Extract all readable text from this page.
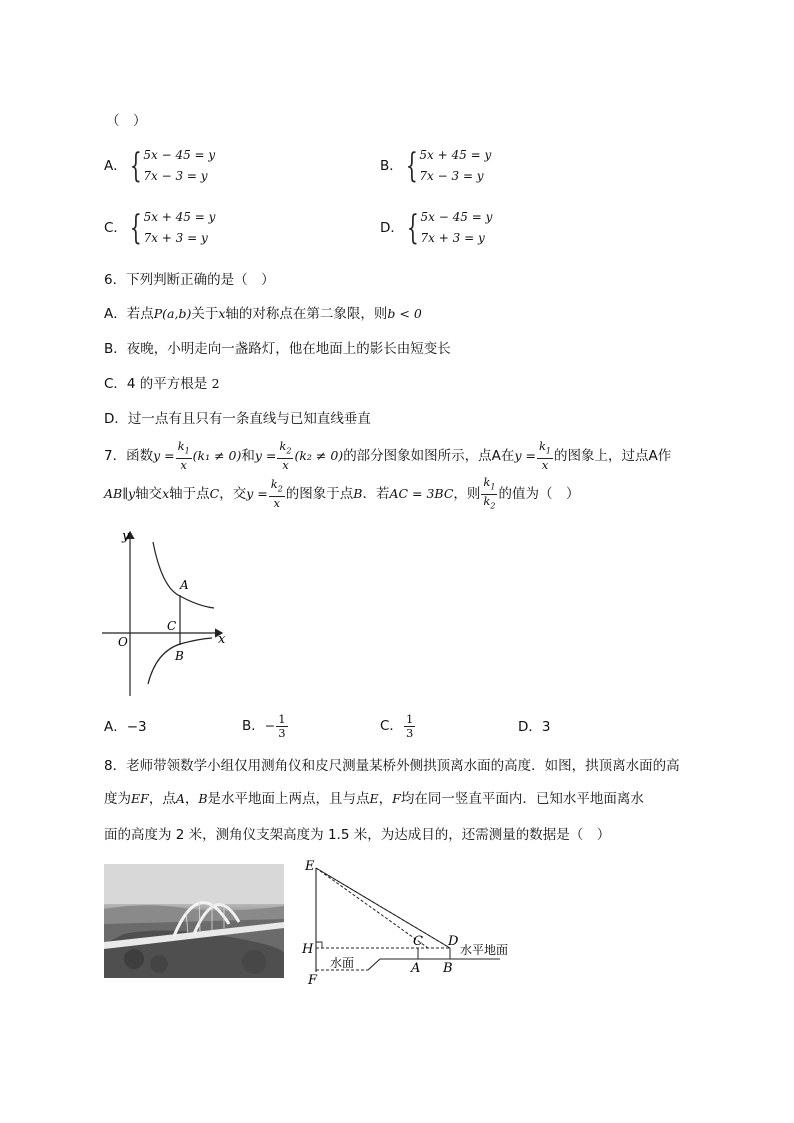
（　）
A． { 5x − 45 = y
7x − 3 = y
B． { 5x + 45 = y
7x − 3 = y
C． { 5x + 45 = y
7x + 3 = y
D． { 5x − 45 = y
7x + 3 = y
6．下列判断正确的是（　）
A．若点P(a,b)关于x轴的对称点在第二象限，则b < 0
B．夜晚，小明走向一盏路灯，他在地面上的影长由短变长
C．4 的平方根是 2
D．过一点有且只有一条直线与已知直线垂直
7．函数 $y = \frac{k_1}{x} (k_1 \ne 0)$ 和 $y = \frac{k_2}{x} (k_2 \ne 0)$ 的部分图象如图所示，点A在 $y = \frac{k_1}{x}$ 的图象上，过点A作
AB∥y 轴交 x 轴于点 C ，交 $y = \frac{k_2}{x}$ 的图象于点 B ．若 AC = 3BC ，则 $\frac{k_1}{k_2}$ 的值为（　）
y
x
O
A
C
B
A．−3	B． − $\frac{1}{3}$	C． $\frac{1}{3}$	D．3
8．老师带领数学小组仅用测角仪和皮尺测量某桥外侧拱顶离水面的高度．如图，拱顶离水面的高
度为EF，点A，B是水平地面上两点，且与点E，F均在同一竖直平面内．已知水平地面离水
面的高度为 2 米，测角仪支架高度为 1.5 米，为达成目的，还需测量的数据是（　）
E
H
F
C D
A B
水面
水平地面
